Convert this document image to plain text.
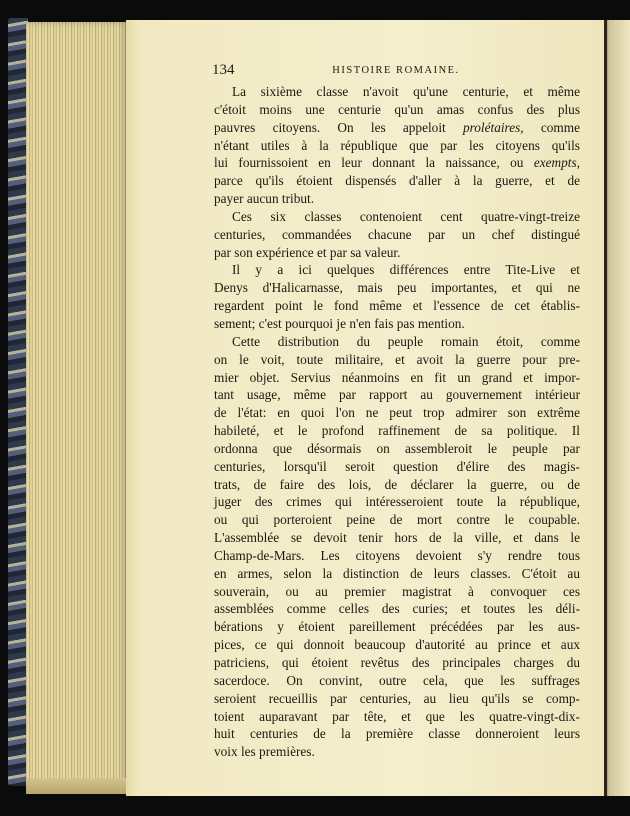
134	HISTOIRE ROMAINE.
La sixième classe n'avoit qu'une centurie, et même
c'étoit moins une centurie qu'un amas confus des plus
pauvres citoyens. On les appeloit prolétaires, comme
n'étant utiles à la république que par les citoyens qu'ils
lui fournissoient en leur donnant la naissance, ou exempts,
parce qu'ils étoient dispensés d'aller à la guerre, et de
payer aucun tribut.
Ces six classes contenoient cent quatre-vingt-treize
centuries, commandées chacune par un chef distingué
par son expérience et par sa valeur.
Il y a ici quelques différences entre Tite-Live et
Denys d'Halicarnasse, mais peu importantes, et qui ne
regardent point le fond même et l'essence de cet établis-
sement; c'est pourquoi je n'en fais pas mention.
Cette distribution du peuple romain étoit, comme
on le voit, toute militaire, et avoit la guerre pour pre-
mier objet. Servius néanmoins en fit un grand et impor-
tant usage, même par rapport au gouvernement intérieur
de l'état: en quoi l'on ne peut trop admirer son extrême
habileté, et le profond raffinement de sa politique. Il
ordonna que désormais on assembleroit le peuple par
centuries, lorsqu'il seroit question d'élire des magis-
trats, de faire des lois, de déclarer la guerre, ou de
juger des crimes qui intéresseroient toute la république,
ou qui porteroient peine de mort contre le coupable.
L'assemblée se devoit tenir hors de la ville, et dans le
Champ-de-Mars. Les citoyens devoient s'y rendre tous
en armes, selon la distinction de leurs classes. C'étoit au
souverain, ou au premier magistrat à convoquer ces
assemblées comme celles des curies; et toutes les déli-
bérations y étoient pareillement précédées par les aus-
pices, ce qui donnoit beaucoup d'autorité au prince et aux
patriciens, qui étoient revêtus des principales charges du
sacerdoce. On convint, outre cela, que les suffrages
seroient recueillis par centuries, au lieu qu'ils se comp-
toient auparavant par tête, et que les quatre-vingt-dix-
huit centuries de la première classe donneroient leurs
voix les premières.
